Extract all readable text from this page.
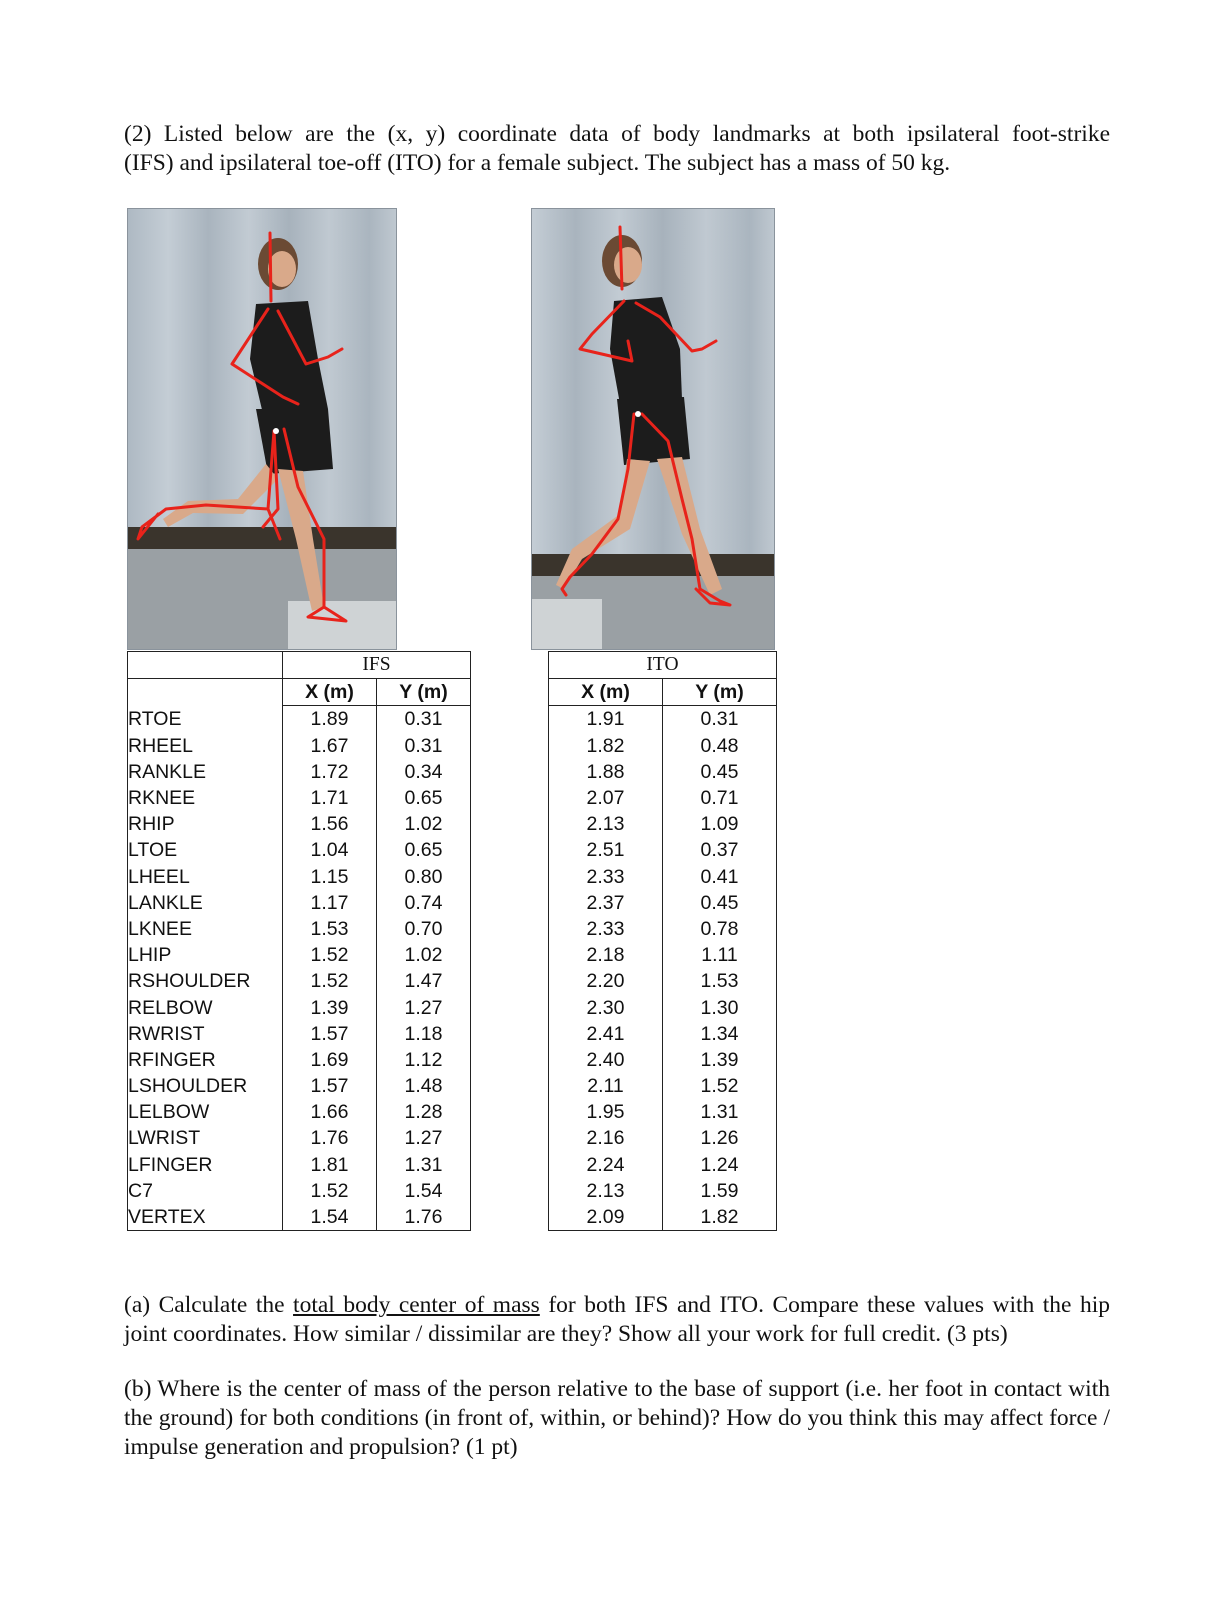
(2) Listed below are the (x, y) coordinate data of body landmarks at both ipsilateral foot-strike
(IFS) and ipsilateral toe-off (ITO) for a female subject. The subject has a mass of 50 kg.
	IFS	
	X (m)	Y (m)
RTOE	1.89	0.31
RHEEL	1.67	0.31
RANKLE	1.72	0.34
RKNEE	1.71	0.65
RHIP	1.56	1.02
LTOE	1.04	0.65
LHEEL	1.15	0.80
LANKLE	1.17	0.74
LKNEE	1.53	0.70
LHIP	1.52	1.02
RSHOULDER	1.52	1.47
RELBOW	1.39	1.27
RWRIST	1.57	1.18
RFINGER	1.69	1.12
LSHOULDER	1.57	1.48
LELBOW	1.66	1.28
LWRIST	1.76	1.27
LFINGER	1.81	1.31
C7	1.52	1.54
VERTEX	1.54	1.76
ITO	
X (m)	Y (m)
1.91	0.31
1.82	0.48
1.88	0.45
2.07	0.71
2.13	1.09
2.51	0.37
2.33	0.41
2.37	0.45
2.33	0.78
2.18	1.11
2.20	1.53
2.30	1.30
2.41	1.34
2.40	1.39
2.11	1.52
1.95	1.31
2.16	1.26
2.24	1.24
2.13	1.59
2.09	1.82
(a) Calculate the total body center of mass for both IFS and ITO. Compare these values with the hip joint coordinates. How similar / dissimilar are they? Show all your work for full credit. (3 pts)
(b) Where is the center of mass of the person relative to the base of support (i.e. her foot in contact with the ground) for both conditions (in front of, within, or behind)? How do you think this may affect force / impulse generation and propulsion? (1 pt)
